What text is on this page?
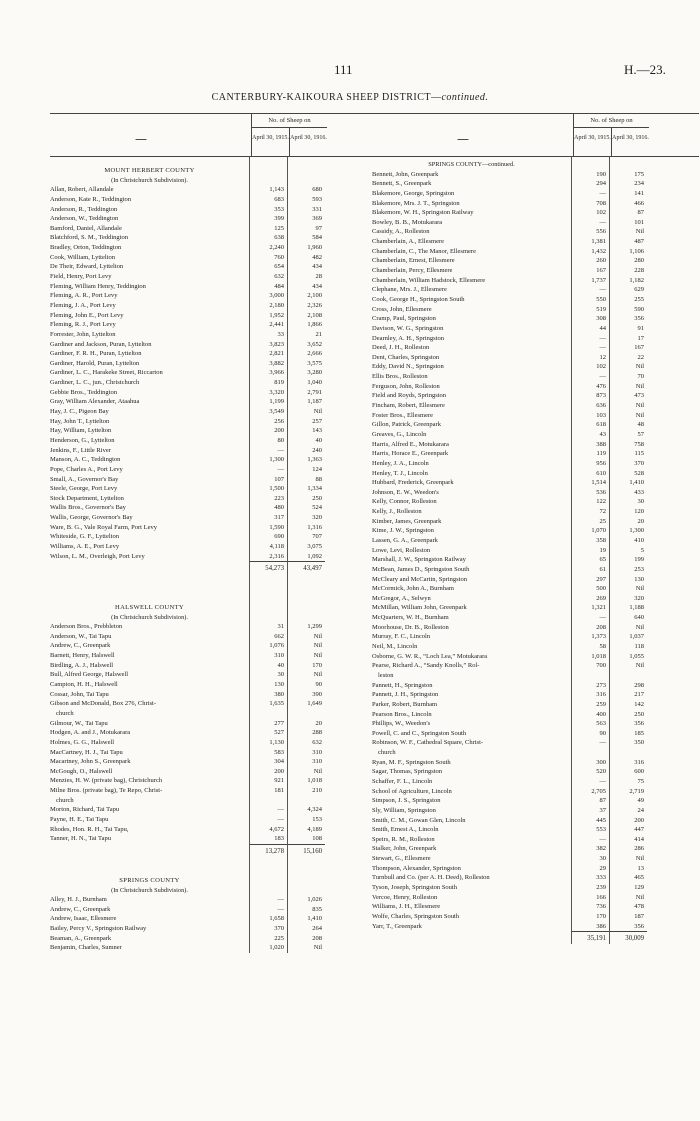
111	H.—23.
CANTERBURY-KAIKOURA SHEEP DISTRICT—continued.
—
No. of Sheep on
April 30, 1915. April 30, 1916.
MOUNT HERBERT COUNTY
(In Christchurch Subdivision).
Allan, Robert, Allandale	1,143	680
Anderson, Kate R., Teddington	683	593
Anderson, R., Teddington	353	331
Anderson, W., Teddington	399	369
Bamford, Daniel, Allandale	125	97
Blatchford, S. M., Teddington	638	584
Bradley, Orton, Teddington	2,240	1,960
Cook, William, Lyttelton	760	482
De Their, Edward, Lyttelton	654	434
Field, Henry, Port Levy	632	28
Fleming, William Henry, Teddington	484	434
Fleming, A. R., Port Levy	3,000	2,100
Fleming, J. A., Port Levy	2,180	2,326
Fleming, John E., Port Levy	1,952	2,108
Fleming, R. J., Port Levy	2,441	1,866
Forrester, John, Lyttelton	33	21
Gardiner and Jackson, Puran, Lyttelton	3,823	3,652
Gardiner, F. R. H., Puran, Lyttelton	2,821	2,666
Gardiner, Harold, Puran, Lyttelton	3,882	3,575
Gardiner, L. C., Harakeke Street, Riccarton	3,966	3,280
Gardiner, L. C., jun., Christchurch	819	1,040
Gebbie Bros., Teddington	3,320	2,791
Gray, William Alexander, Ataahua	1,199	1,187
Hay, J. C., Pigeon Bay	3,549	Nil
Hay, John T., Lyttelton	256	257
Hay, William, Lyttelton	200	143
Henderson, G., Lyttelton	80	40
Jenkins, F., Little River	—	240
Manson, A. C., Teddington	1,300	1,363
Pope, Charles A., Port Levy	—	124
Small, A., Governor's Bay	107	88
Steele, George, Port Levy	1,500	1,334
Stock Department, Lyttelton	223	250
Wallis Bros., Governor's Bay	480	524
Wallis, George, Governor's Bay	317	320
Ware, B. G., Vale Royal Farm, Port Levy	1,590	1,316
Whiteside, G. F., Lyttelton	690	707
Williams, A. E., Port Levy	4,118	3,075
Wilson, L. M., Overleigh, Port Levy	2,316	1,092
54,273	43,497
HALSWELL COUNTY
(In Christchurch Subdivision).
Anderson Bros., Prebbleton	31	1,299
Anderson, W., Tai Tapu	662	Nil
Andrew, C., Greenpark	1,076	Nil
Barnett, Henry, Halswell	310	Nil
Birdling, A. J., Halswell	40	170
Bull, Alfred George, Halswell	30	Nil
Campion, H. H., Halswell	130	90
Cossar, John, Tai Tapu	380	390
Gibson and McDonald, Box 276, Christ-	1,635	1,649
church
Gilmour, W., Tai Tapu	277	20
Hodgen, A. and J., Motukarara	527	288
Holmes, G. G., Halswell	1,130	632
MacCartney, H. J., Tai Tapu	583	310
Macartney, John S., Greenpark	304	310
McGough, O., Halswell	200	Nil
Menzies, H. W. (private bag), Christchurch	921	1,018
Milne Bros. (private bag), Te Repo, Christ-	181	210
church
Morton, Richard, Tai Tapu	—	4,324
Payne, H. E., Tai Tapu	—	153
Rhodes, Hon. R. H., Tai Tapu,	4,672	4,189
Tanner, H. N., Tai Tapu	183	108
13,278	15,160
SPRINGS COUNTY
(In Christchurch Subdivision).
Alley, H. J., Burnham	—	1,026
Andrew, C., Greenpark	—	835
Andrew, Isaac, Ellesmere	1,658	1,410
Bailey, Percy V., Springston Railway	370	264
Beaman, A., Greenpark	225	208
Benjamin, Charles, Sumner	1,020	Nil
—
No. of Sheep on
April 30, 1915. April 30, 1916.
SPRINGS COUNTY—continued.
Bennett, John, Greenpark	190	175
Bennett, S., Greenpark	294	234
Blakemore, George, Springston	—	141
Blakemore, Mrs. J. T., Springston	708	466
Blakemore, W. H., Springston Railway	102	87
Bowley, B. B., Motukarara	—	101
Cassidy, A., Rolleston	556	Nil
Chamberlain, A., Ellesmere	1,381	487
Chamberlain, C., The Manor, Ellesmere	1,432	1,106
Chamberlain, Ernest, Ellesmere	260	280
Chamberlain, Percy, Ellesmere	167	228
Chamberlain, William Hadstock, Ellesmere	1,737	1,182
Clephane, Mrs. J., Ellesmere	—	629
Cook, George H., Springston South	550	255
Cross, John, Ellesmere	519	590
Cramp, Paul, Springston	308	356
Davison, W. G., Springston	44	91
Dearnley, A. H., Springston	—	17
Deed, J. H., Rolleston	—	167
Dent, Charles, Springston	12	22
Eddy, David N., Springston	102	Nil
Ellis Bros., Rolleston	—	70
Ferguson, John, Rolleston	476	Nil
Field and Royds, Springston	873	473
Fincham, Robert, Ellesmere	636	Nil
Foster Bros., Ellesmere	103	Nil
Gillon, Patrick, Greenpark	618	48
Greaves, G., Lincoln	43	57
Harris, Alfred E., Motukarara	388	758
Harris, Horace E., Greenpark	119	115
Henley, J. A., Lincoln	956	370
Henley, T. J., Lincoln	610	528
Hubbard, Frederick, Greenpark	1,514	1,410
Johnson, E. W., Weedon's	536	433
Kelly, Connor, Rolleston	122	30
Kelly, J., Rolleston	72	120
Kimber, James, Greenpark	25	20
Kime, J. W., Springston	1,070	1,300
Lassen, G. A., Greenpark	358	410
Lowe, Levi, Rolleston	19	5
Marshall, J. W., Springston Railway	65	199
McBean, James D., Springston South	61	253
McCleary and McCartin, Springston	297	130
McCormick, John A., Burnham	500	Nil
McGregor, A., Selwyn	269	320
McMillan, William John, Greenpark	1,321	1,188
McQuarters, W. H., Burnham	—	640
Moorhouse, Dr. B., Rolleston	208	Nil
Murray, F. C., Lincoln	1,373	1,037
Neil, M., Lincoln	58	118
Osborne, G. W. R., “Loch Lea,” Motukarara	1,018	1,055
Pearse, Richard A., “Sandy Knolls,” Rol-	700	Nil
leston
Pannett, H., Springston	273	298
Pannett, J. H., Springston	316	217
Parker, Robert, Burnham	259	142
Pearson Bros., Lincoln	400	250
Phillips, W., Weedon's	563	356
Powell, C. and C., Springston South	90	185
Robinson, W. F., Cathedral Square, Christ-	—	350
church
Ryan, M. F., Springston South	300	316
Sagar, Thomas, Springston	520	600
Schaffer, F. L., Lincoln	—	75
School of Agriculture, Lincoln	2,705	2,719
Simpson, J. S., Springston	87	49
Sly, William, Springston	37	24
Smith, C. M., Gowan Glen, Lincoln	445	200
Smith, Ernest A., Lincoln	553	447
Speirs, R. M., Rolleston	—	414
Stalker, John, Greenpark	382	286
Stewart, G., Ellesmere	30	Nil
Thompson, Alexander, Springston	29	13
Turnbull and Co. (per A. H. Deed), Rolleston	333	465
Tyson, Joseph, Springston South	239	129
Vercoe, Henry, Rolleston	166	Nil
Williams, J. H., Ellesmere	736	478
Wolfe, Charles, Springston South	170	187
Yarr, T., Greenpark	386	356
35,191	30,009
